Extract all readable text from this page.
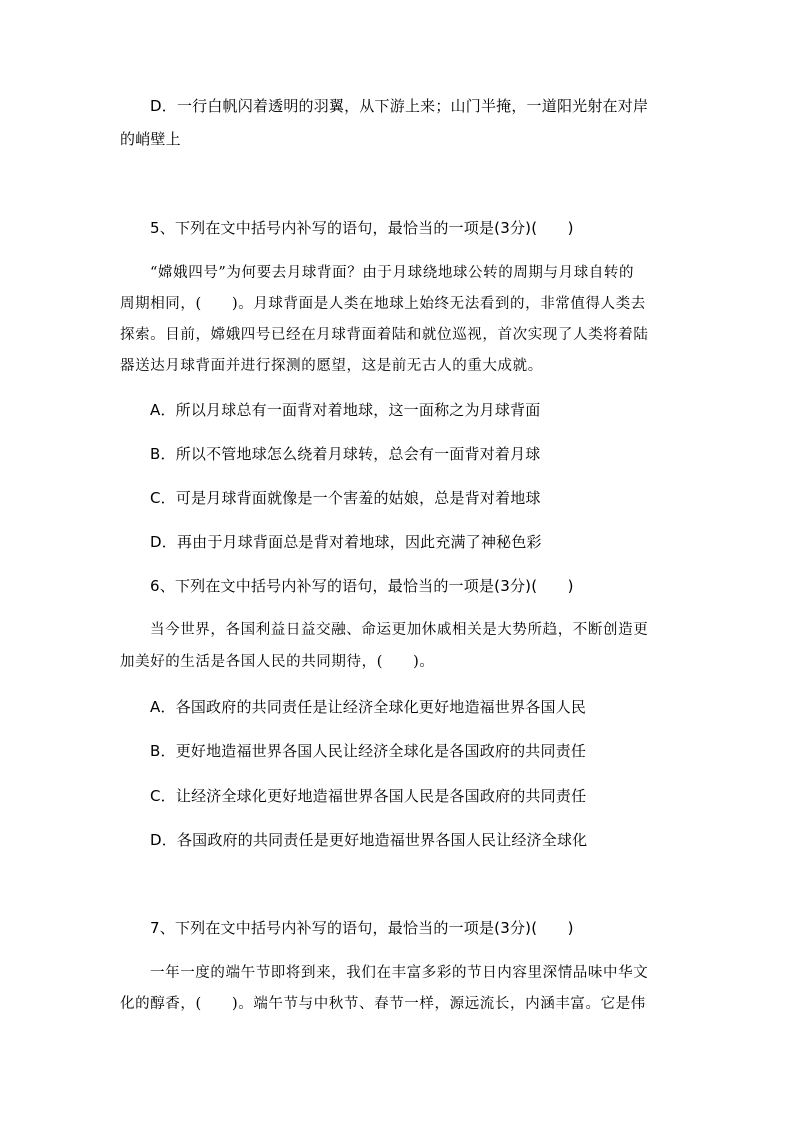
D．一行白帆闪着透明的羽翼，从下游上来；山门半掩，一道阳光射在对岸
的峭壁上
5、下列在文中括号内补写的语句，最恰当的一项是(3分)(　　)
“嫦娥四号”为何要去月球背面？由于月球绕地球公转的周期与月球自转的
周期相同，(　　)。月球背面是人类在地球上始终无法看到的，非常值得人类去
探索。目前，嫦娥四号已经在月球背面着陆和就位巡视，首次实现了人类将着陆
器送达月球背面并进行探测的愿望，这是前无古人的重大成就。
A．所以月球总有一面背对着地球，这一面称之为月球背面
B．所以不管地球怎么绕着月球转，总会有一面背对着月球
C．可是月球背面就像是一个害羞的姑娘，总是背对着地球
D．再由于月球背面总是背对着地球，因此充满了神秘色彩
6、下列在文中括号内补写的语句，最恰当的一项是(3分)(　　)
当今世界，各国利益日益交融、命运更加休戚相关是大势所趋，不断创造更
加美好的生活是各国人民的共同期待，(　　)。
A．各国政府的共同责任是让经济全球化更好地造福世界各国人民
B．更好地造福世界各国人民让经济全球化是各国政府的共同责任
C．让经济全球化更好地造福世界各国人民是各国政府的共同责任
D．各国政府的共同责任是更好地造福世界各国人民让经济全球化
7、下列在文中括号内补写的语句，最恰当的一项是(3分)(　　)
一年一度的端午节即将到来，我们在丰富多彩的节日内容里深情品味中华文
化的醇香，(　　)。端午节与中秋节、春节一样，源远流长，内涵丰富。它是伟
